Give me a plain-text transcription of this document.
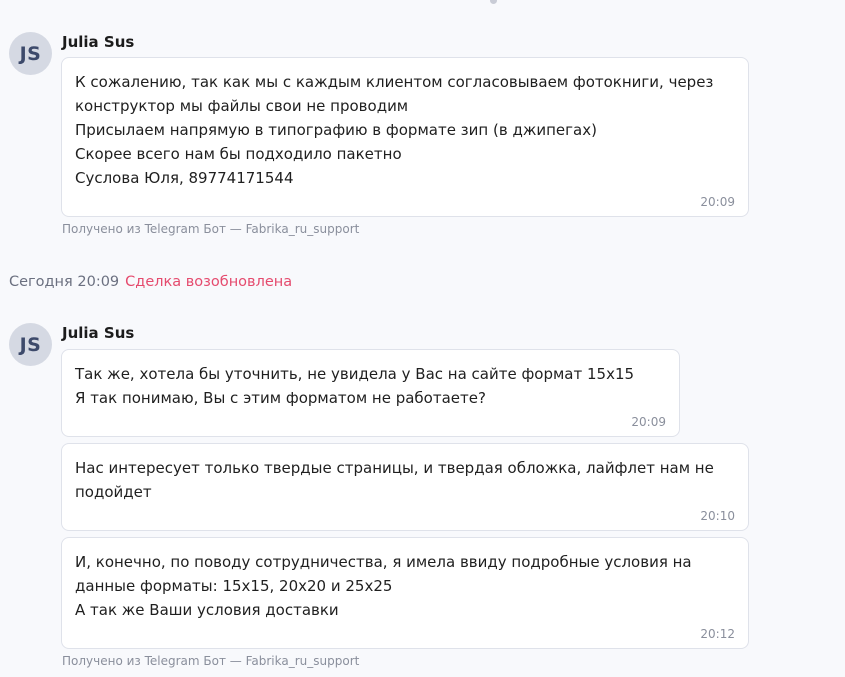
JS
Julia Sus
К сожалению, так как мы с каждым клиентом согласовываем фотокниги, через конструктор мы файлы свои не проводим
Присылаем напрямую в типографию в формате зип (в джипегах)
Скорее всего нам бы подходило пакетно
Суслова Юля, 89774171544
20:09
Получено из Telegram Бот — Fabrika_ru_support
Сегодня 20:09 Сделка возобновлена
JS
Julia Sus
Так же, хотела бы уточнить, не увидела у Вас на сайте формат 15х15
Я так понимаю, Вы с этим форматом не работаете?
20:09
Нас интересует только твердые страницы, и твердая обложка, лайфлет нам не подойдет
20:10
И, конечно, по поводу сотрудничества, я имела ввиду подробные условия на данные форматы: 15х15, 20х20 и 25х25
А так же Ваши условия доставки
20:12
Получено из Telegram Бот — Fabrika_ru_support
